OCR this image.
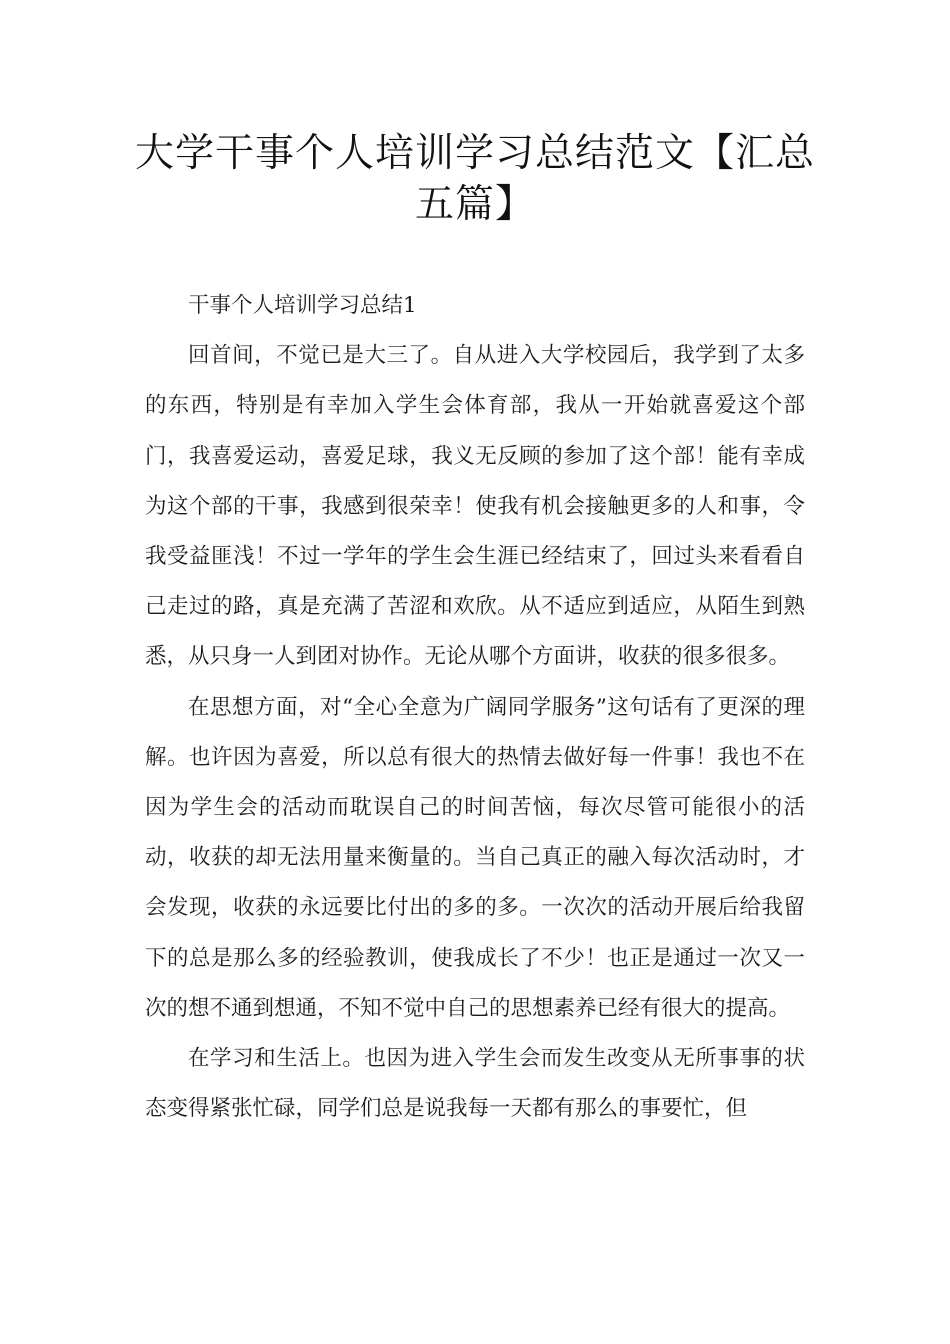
大学干事个人培训学习总结范文【汇总五篇】

干事个人培训学习总结1

回首间，不觉已是大三了。自从进入大学校园后，我学到了太多的东西，特别是有幸加入学生会体育部，我从一开始就喜爱这个部门，我喜爱运动，喜爱足球，我义无反顾的参加了这个部！能有幸成为这个部的干事，我感到很荣幸！使我有机会接触更多的人和事，令我受益匪浅！不过一学年的学生会生涯已经结束了，回过头来看看自己走过的路，真是充满了苦涩和欢欣。从不适应到适应，从陌生到熟悉，从只身一人到团对协作。无论从哪个方面讲，收获的很多很多。

在思想方面，对“全心全意为广阔同学服务”这句话有了更深的理解。也许因为喜爱，所以总有很大的热情去做好每一件事！我也不在因为学生会的活动而耽误自己的时间苦恼，每次尽管可能很小的活动，收获的却无法用量来衡量的。当自己真正的融入每次活动时，才会发现，收获的永远要比付出的多的多。一次次的活动开展后给我留下的总是那么多的经验教训，使我成长了不少！也正是通过一次又一次的想不通到想通，不知不觉中自己的思想素养已经有很大的提高。

在学习和生活上。也因为进入学生会而发生改变从无所事事的状态变得紧张忙碌，同学们总是说我每一天都有那么的事要忙，但
